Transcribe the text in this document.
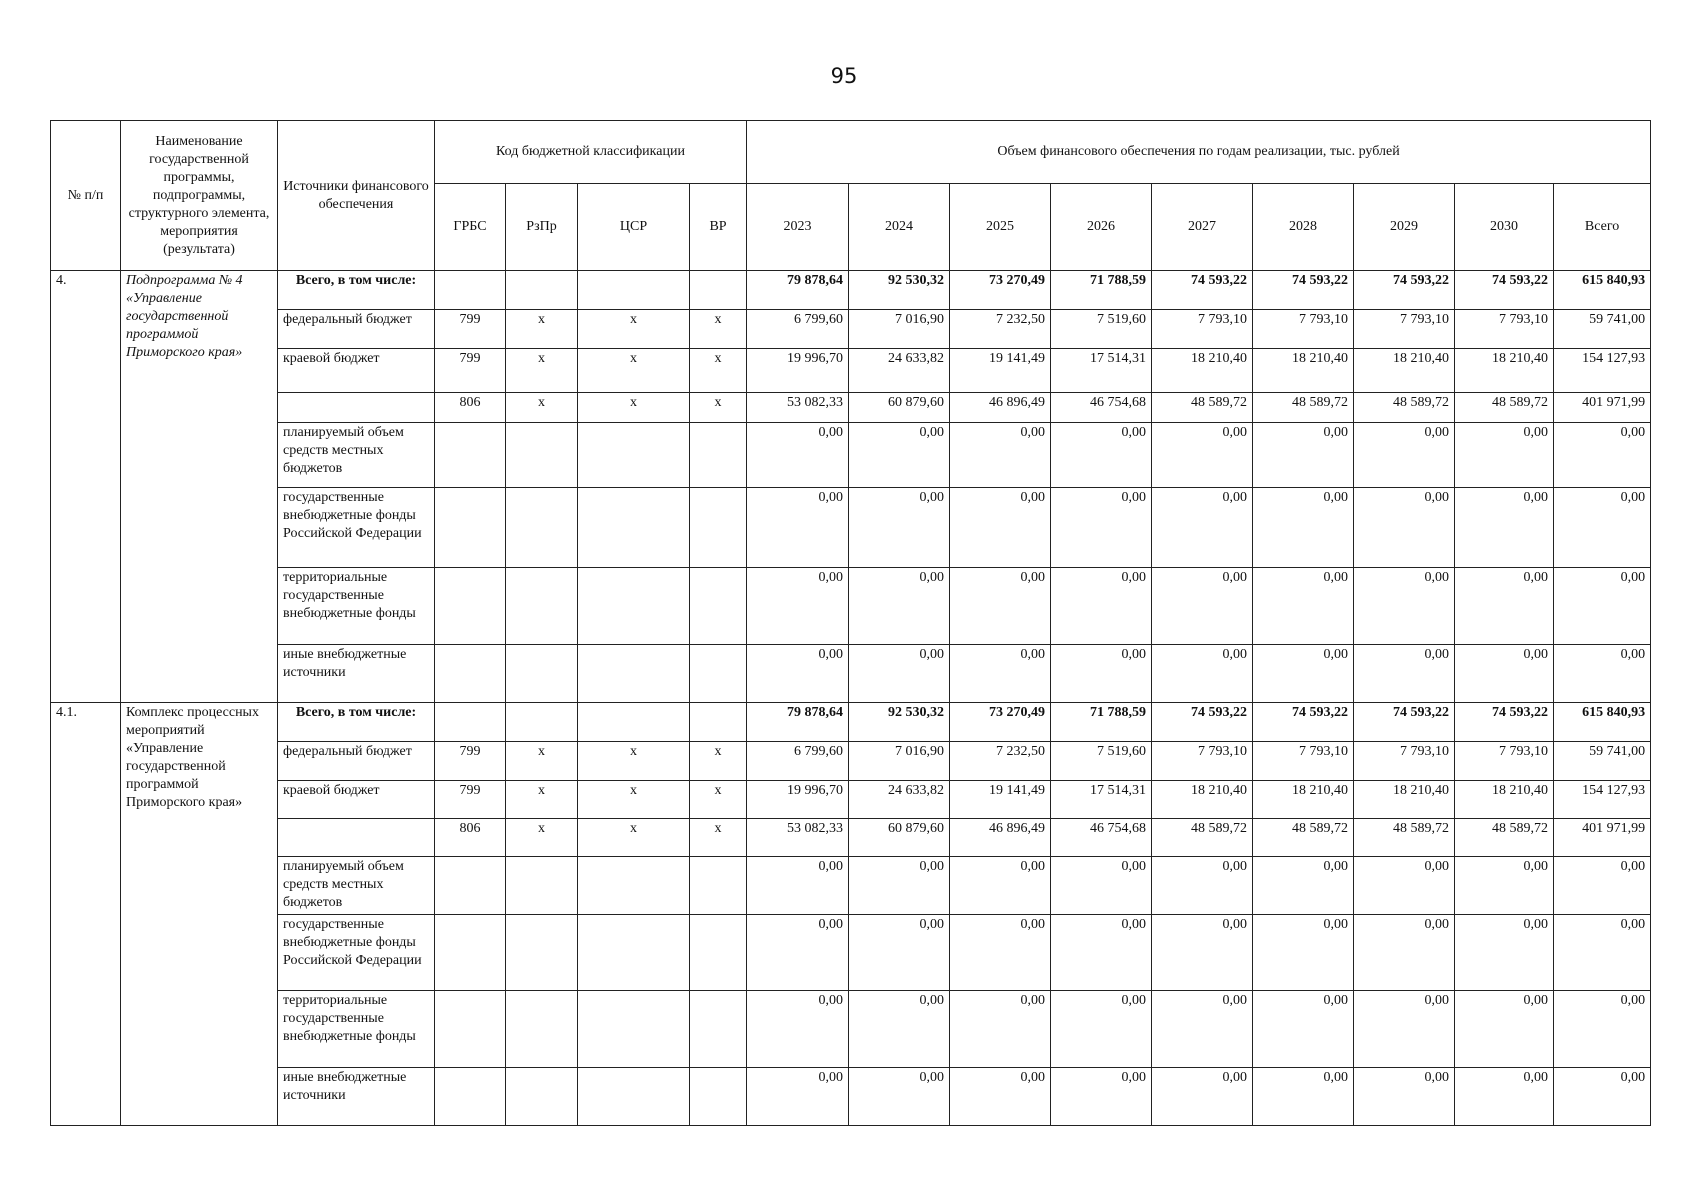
95
№ п/п	Наименование государственной программы, подпрограммы, структурного элемента, мероприятия (результата)	Источники финансового обеспечения	Код бюджетной классификации				Объем финансового обеспечения по годам реализации, тыс. рублей								
			ГРБС	РзПр	ЦСР	ВР	2023	2024	2025	2026	2027	2028	2029	2030	Всего
4.	Подпрограмма № 4 «Управление государственной программой Приморского края»	Всего, в том числе:					79 878,64	92 530,32	73 270,49	71 788,59	74 593,22	74 593,22	74 593,22	74 593,22	615 840,93
		федеральный бюджет	799	х	х	х	6 799,60	7 016,90	7 232,50	7 519,60	7 793,10	7 793,10	7 793,10	7 793,10	59 741,00
		краевой бюджет	799	х	х	х	19 996,70	24 633,82	19 141,49	17 514,31	18 210,40	18 210,40	18 210,40	18 210,40	154 127,93
			806	х	х	х	53 082,33	60 879,60	46 896,49	46 754,68	48 589,72	48 589,72	48 589,72	48 589,72	401 971,99
		планируемый объем средств местных бюджетов					0,00	0,00	0,00	0,00	0,00	0,00	0,00	0,00	0,00
		государственные внебюджетные фонды Российской Федерации					0,00	0,00	0,00	0,00	0,00	0,00	0,00	0,00	0,00
		территориальные государственные внебюджетные фонды					0,00	0,00	0,00	0,00	0,00	0,00	0,00	0,00	0,00
		иные внебюджетные источники					0,00	0,00	0,00	0,00	0,00	0,00	0,00	0,00	0,00
4.1.	Комплекс процессных мероприятий «Управление государственной программой Приморского края»	Всего, в том числе:					79 878,64	92 530,32	73 270,49	71 788,59	74 593,22	74 593,22	74 593,22	74 593,22	615 840,93
		федеральный бюджет	799	х	х	х	6 799,60	7 016,90	7 232,50	7 519,60	7 793,10	7 793,10	7 793,10	7 793,10	59 741,00
		краевой бюджет	799	х	х	х	19 996,70	24 633,82	19 141,49	17 514,31	18 210,40	18 210,40	18 210,40	18 210,40	154 127,93
			806	х	х	х	53 082,33	60 879,60	46 896,49	46 754,68	48 589,72	48 589,72	48 589,72	48 589,72	401 971,99
		планируемый объем средств местных бюджетов					0,00	0,00	0,00	0,00	0,00	0,00	0,00	0,00	0,00
		государственные внебюджетные фонды Российской Федерации					0,00	0,00	0,00	0,00	0,00	0,00	0,00	0,00	0,00
		территориальные государственные внебюджетные фонды					0,00	0,00	0,00	0,00	0,00	0,00	0,00	0,00	0,00
		иные внебюджетные источники					0,00	0,00	0,00	0,00	0,00	0,00	0,00	0,00	0,00
